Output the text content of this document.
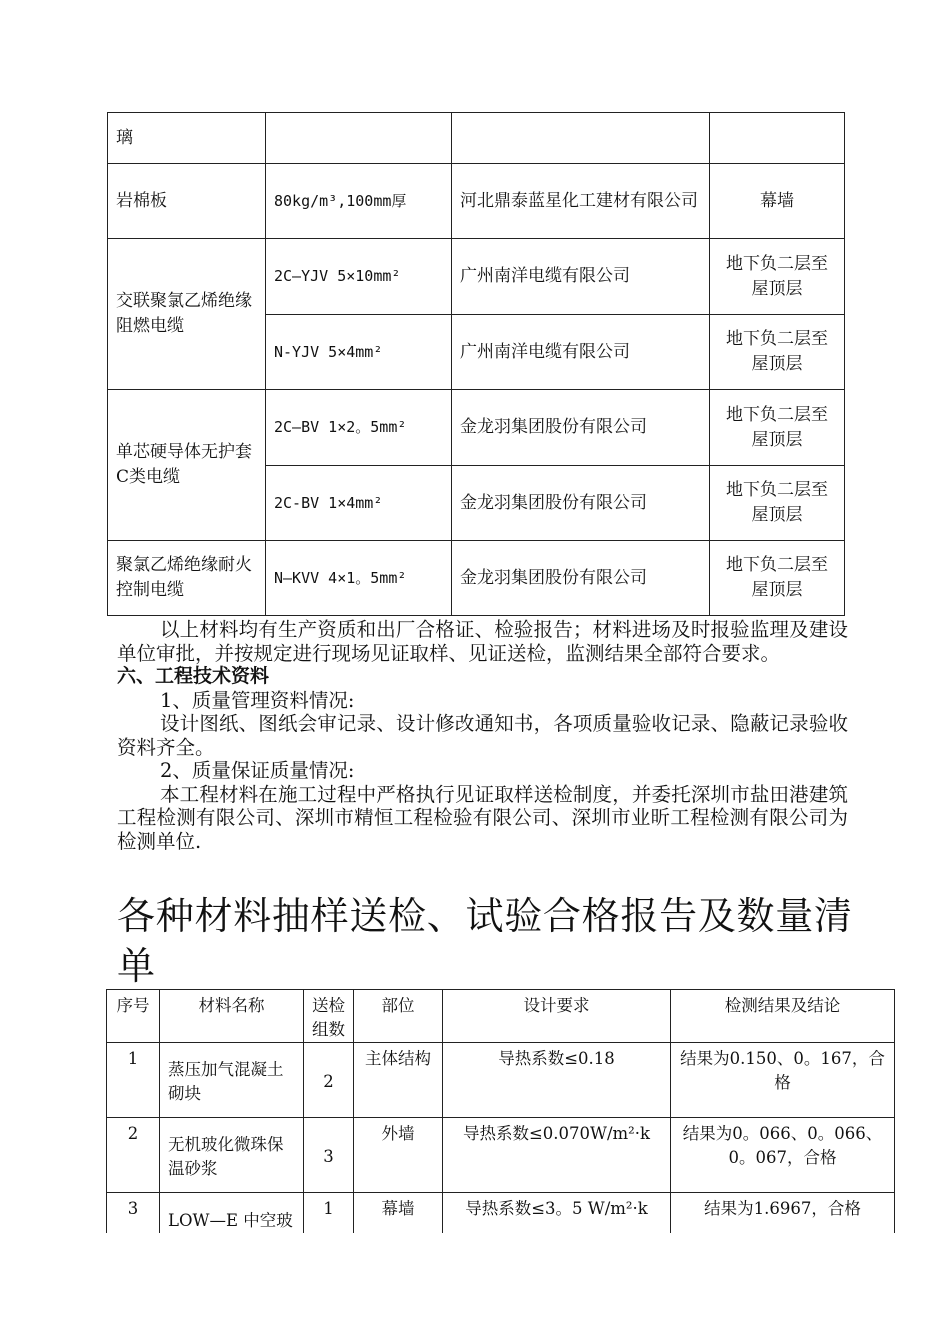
璃			
岩棉板	80kg/m³,100mm厚	河北鼎泰蓝星化工建材有限公司	幕墙
交联聚氯乙烯绝缘阻燃电缆	2C—YJV 5×10mm²	广州南洋电缆有限公司	地下负二层至屋顶层
	N-YJV 5×4mm²	广州南洋电缆有限公司	地下负二层至屋顶层
单芯硬导体无护套C类电缆	2C—BV 1×2。5mm²	金龙羽集团股份有限公司	地下负二层至屋顶层
	2C-BV 1×4mm²	金龙羽集团股份有限公司	地下负二层至屋顶层
聚氯乙烯绝缘耐火控制电缆	N—KVV 4×1。5mm²	金龙羽集团股份有限公司	地下负二层至屋顶层

以上材料均有生产资质和出厂合格证、检验报告；材料进场及时报验监理及建设单位审批，并按规定进行现场见证取样、见证送检，监测结果全部符合要求。

六、工程技术资料

1、质量管理资料情况:

设计图纸、图纸会审记录、设计修改通知书，各项质量验收记录、隐蔽记录验收资料齐全。

2、质量保证质量情况:

本工程材料在施工过程中严格执行见证取样送检制度，并委托深圳市盐田港建筑工程检测有限公司、深圳市精恒工程检验有限公司、深圳市业昕工程检测有限公司为检测单位.

各种材料抽样送检、试验合格报告及数量清单
序号	材料名称	送检组数	部位	设计要求	检测结果及结论
1	蒸压加气混凝土砌块	2	主体结构	导热系数≤0.18	结果为0.150、0。167，合格
2	无机玻化微珠保温砂浆	3	外墙	导热系数≤0.070W/m²·k	结果为0。066、0。066、0。067，合格
3	LOW—E 中空玻	1	幕墙	导热系数≤3。5 W/m²·k	结果为1.6967，合格
